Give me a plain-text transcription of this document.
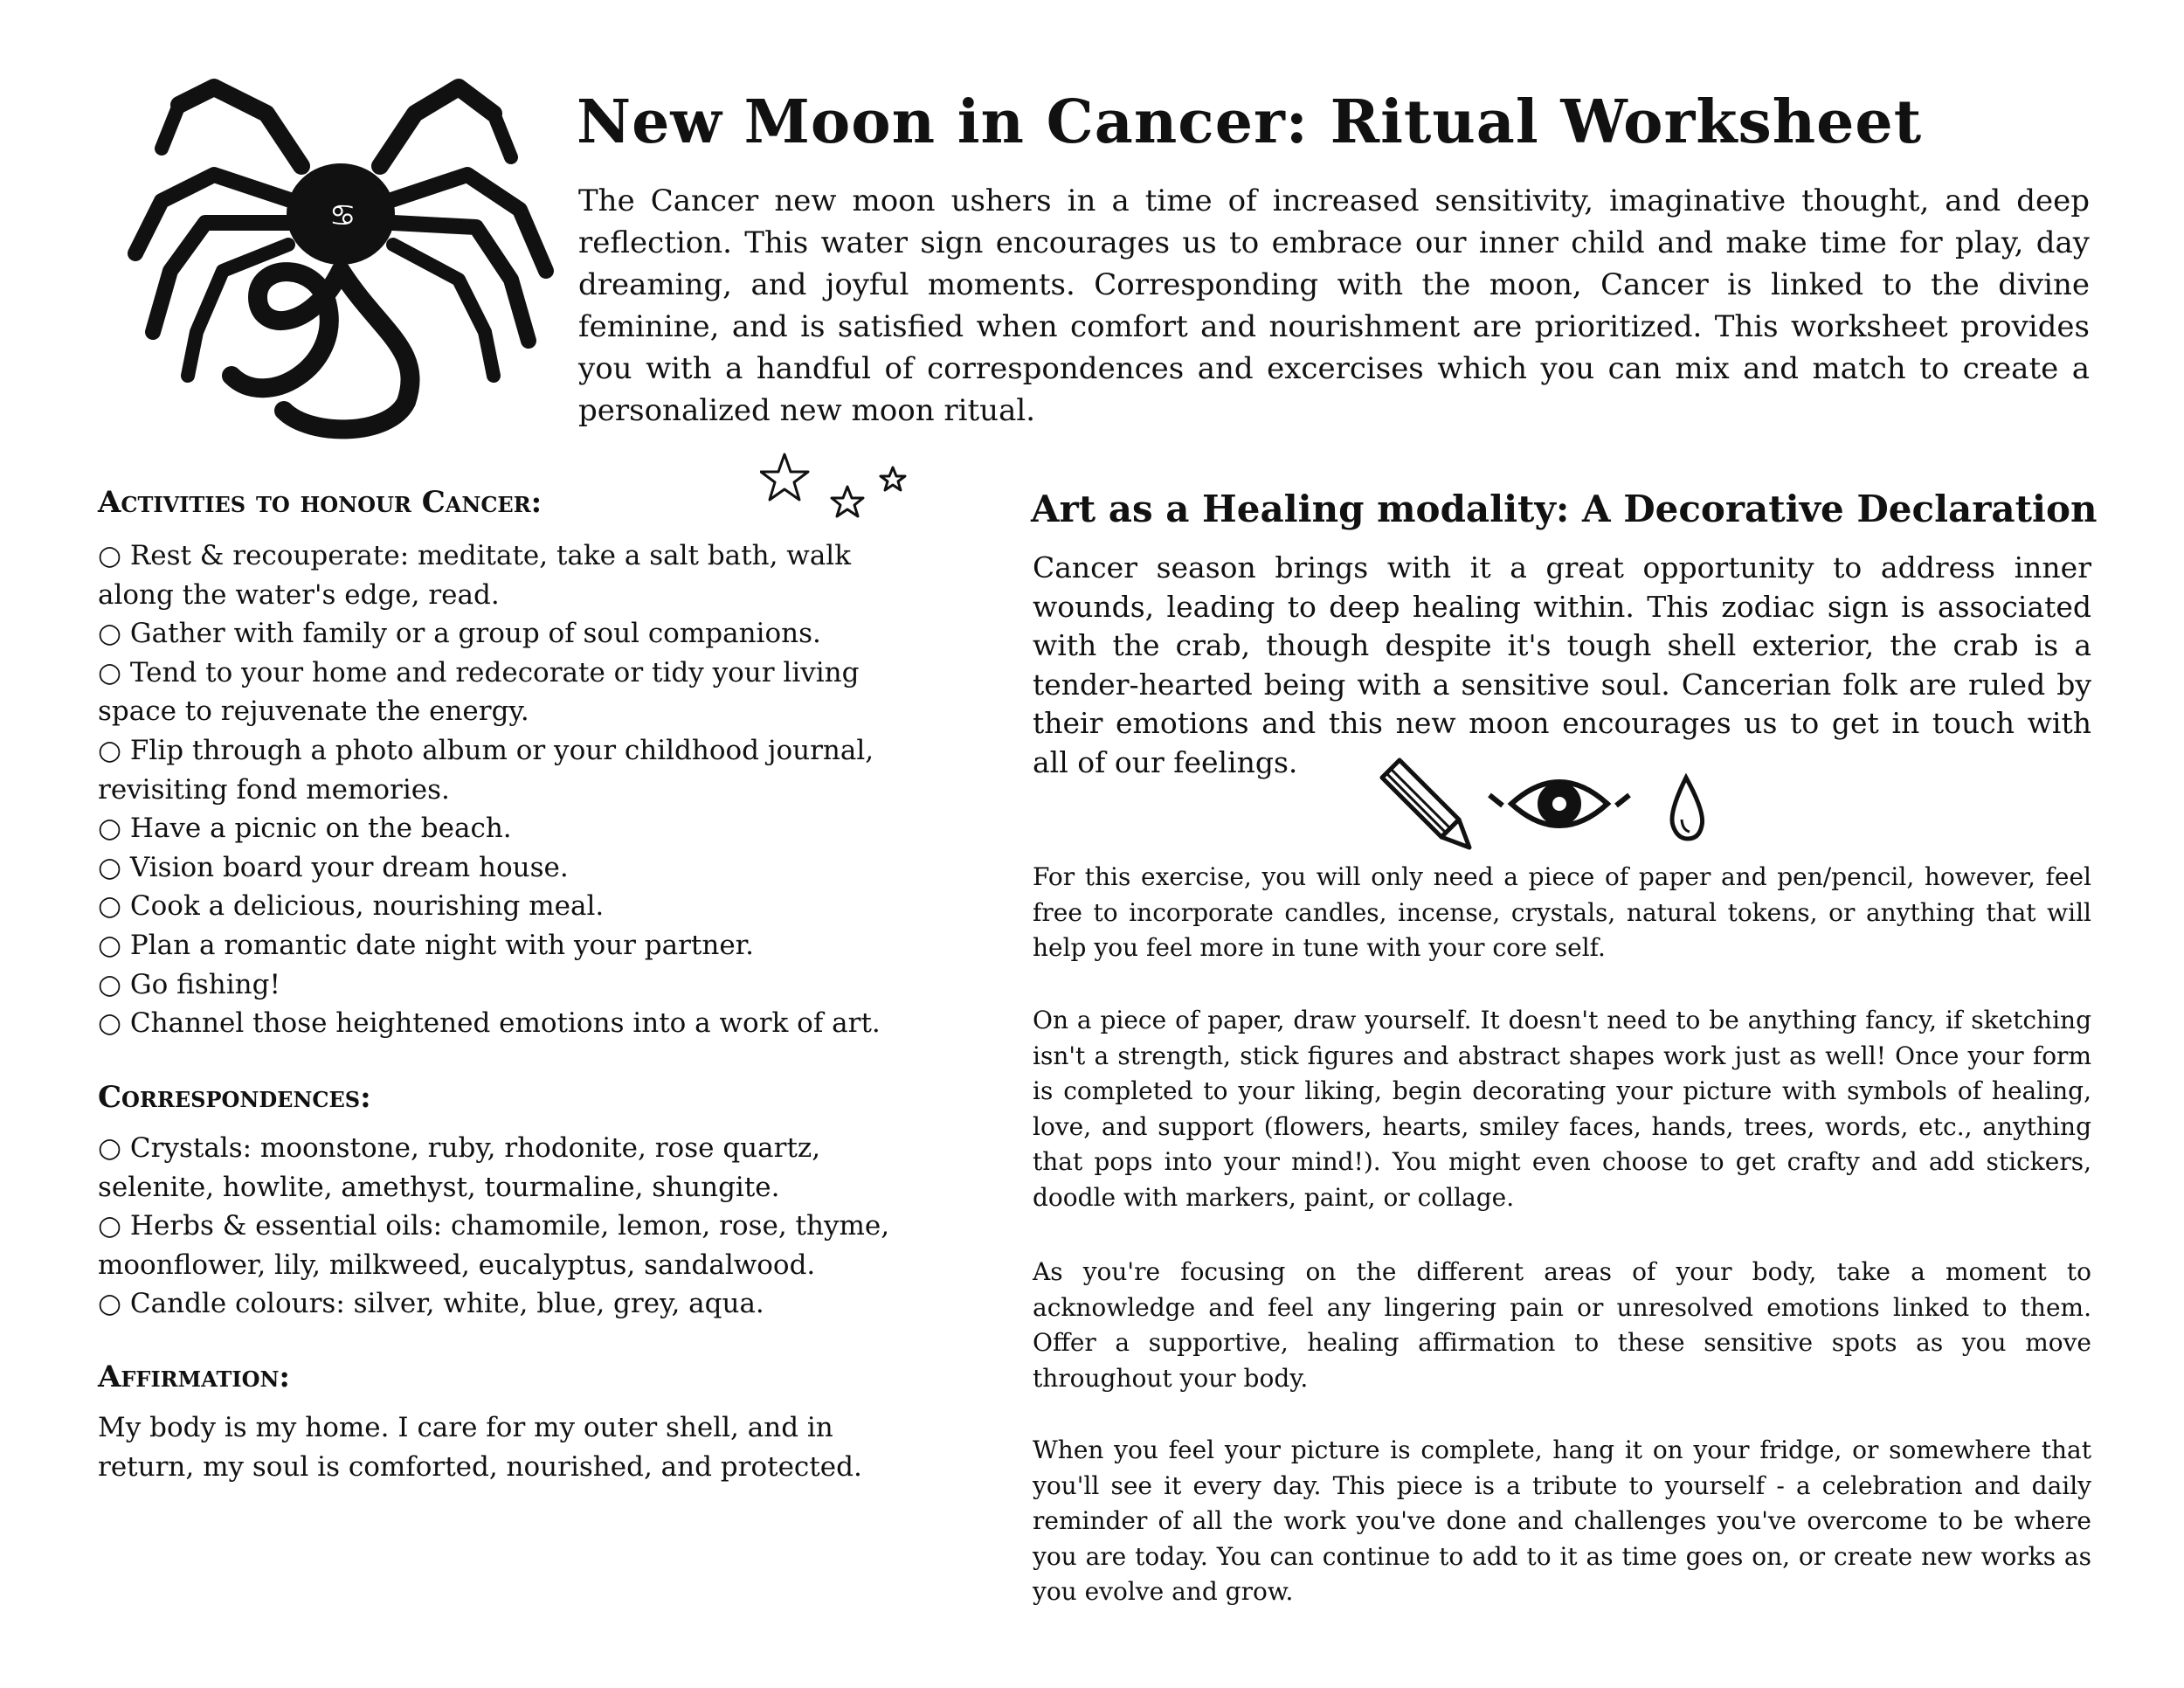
♋
New Moon in Cancer: Ritual Worksheet

The Cancer new moon ushers in a time of increased sensitivity, imaginative thought, and deep reflection. This water sign encourages us to embrace our inner child and make time for play, day dreaming, and joyful moments. Corresponding with the moon, Cancer is linked to the divine feminine, and is satisfied when comfort and nourishment are prioritized. This worksheet provides you with a handful of correspondences and excercises which you can mix and match to create a personalized new moon ritual.

Activities to honour Cancer:
○ Rest & recouperate: meditate, take a salt bath, walk along the water's edge, read.
○ Gather with family or a group of soul companions.
○ Tend to your home and redecorate or tidy your living space to rejuvenate the energy.
○ Flip through a photo album or your childhood journal, revisiting fond memories.
○ Have a picnic on the beach.
○ Vision board your dream house.
○ Cook a delicious, nourishing meal.
○ Plan a romantic date night with your partner.
○ Go fishing!
○ Channel those heightened emotions into a work of art.
Correspondences:
○ Crystals: moonstone, ruby, rhodonite, rose quartz, selenite, howlite, amethyst, tourmaline, shungite.
○ Herbs & essential oils: chamomile, lemon, rose, thyme, moonflower, lily, milkweed, eucalyptus, sandalwood.
○ Candle colours: silver, white, blue, grey, aqua.
Affirmation:
My body is my home. I care for my outer shell, and in return, my soul is comforted, nourished, and protected.
Art as a Healing modality: A Decorative Declaration

Cancer season brings with it a great opportunity to address inner wounds, leading to deep healing within. This zodiac sign is associated with the crab, though despite it's tough shell exterior, the crab is a tender-hearted being with a sensitive soul. Cancerian folk are ruled by their emotions and this new moon encourages us to get in touch with all of our feelings.

For this exercise, you will only need a piece of paper and pen/pencil, however, feel free to incorporate candles, incense, crystals, natural tokens, or anything that will help you feel more in tune with your core self.

On a piece of paper, draw yourself. It doesn't need to be anything fancy, if sketching isn't a strength, stick figures and abstract shapes work just as well! Once your form is completed to your liking, begin decorating your picture with symbols of healing, love, and support (flowers, hearts, smiley faces, hands, trees, words, etc., anything that pops into your mind!). You might even choose to get crafty and add stickers, doodle with markers, paint, or collage.

As you're focusing on the different areas of your body, take a moment to acknowledge and feel any lingering pain or unresolved emotions linked to them. Offer a supportive, healing affirmation to these sensitive spots as you move throughout your body.

When you feel your picture is complete, hang it on your fridge, or somewhere that you'll see it every day. This piece is a tribute to yourself - a celebration and daily reminder of all the work you've done and challenges you've overcome to be where you are today. You can continue to add to it as time goes on, or create new works as you evolve and grow.
